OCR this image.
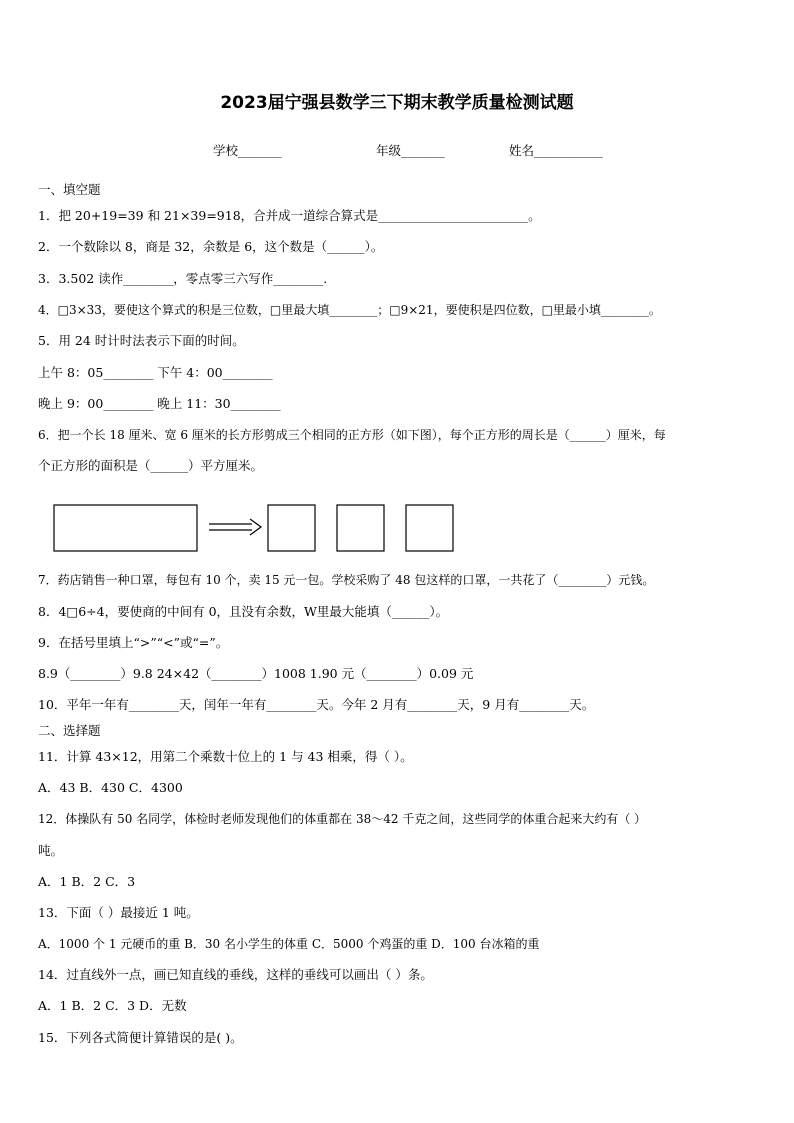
2023届宁强县数学三下期末教学质量检测试题
学校_______	年级_______	姓名___________
一、填空题
1．把 20+19=39 和 21×39=918，合并成一道综合算式是________________________。
2．一个数除以 8，商是 32，余数是 6，这个数是（______）。
3．3.502 读作________，零点零三六写作________.
4．□3×33，要使这个算式的积是三位数，□里最大填________；□9×21，要使积是四位数，□里最小填________。
5．用 24 时计时法表示下面的时间。
上午 8：05________ 下午 4：00________
晚上 9：00________ 晚上 11：30________
6．把一个长 18 厘米、宽 6 厘米的长方形剪成三个相同的正方形（如下图），每个正方形的周长是（______）厘米，每
个正方形的面积是（______）平方厘米。
7．药店销售一种口罩，每包有 10 个，卖 15 元一包。学校采购了 48 包这样的口罩，一共花了（________）元钱。
8．4□6÷4，要使商的中间有 0，且没有余数，W里最大能填（______）。
9．在括号里填上“>”“<”或“=”。
8.9（________）9.8 24×42（________）1008 1.90 元（________）0.09 元
10．平年一年有________天，闰年一年有________天。今年 2 月有________天，9 月有________天。
二、选择题
11．计算 43×12，用第二个乘数十位上的 1 与 43 相乘，得（ ）。
A．43 B．430 C．4300
12．体操队有 50 名同学，体检时老师发现他们的体重都在 38～42 千克之间，这些同学的体重合起来大约有（ ）
吨。
A．1 B．2 C．3
13．下面（ ）最接近 1 吨。
A．1000 个 1 元硬币的重 B．30 名小学生的体重 C．5000 个鸡蛋的重 D．100 台冰箱的重
14．过直线外一点，画已知直线的垂线，这样的垂线可以画出（ ）条。
A．1 B．2 C．3 D．无数
15．下列各式简便计算错误的是( )。
